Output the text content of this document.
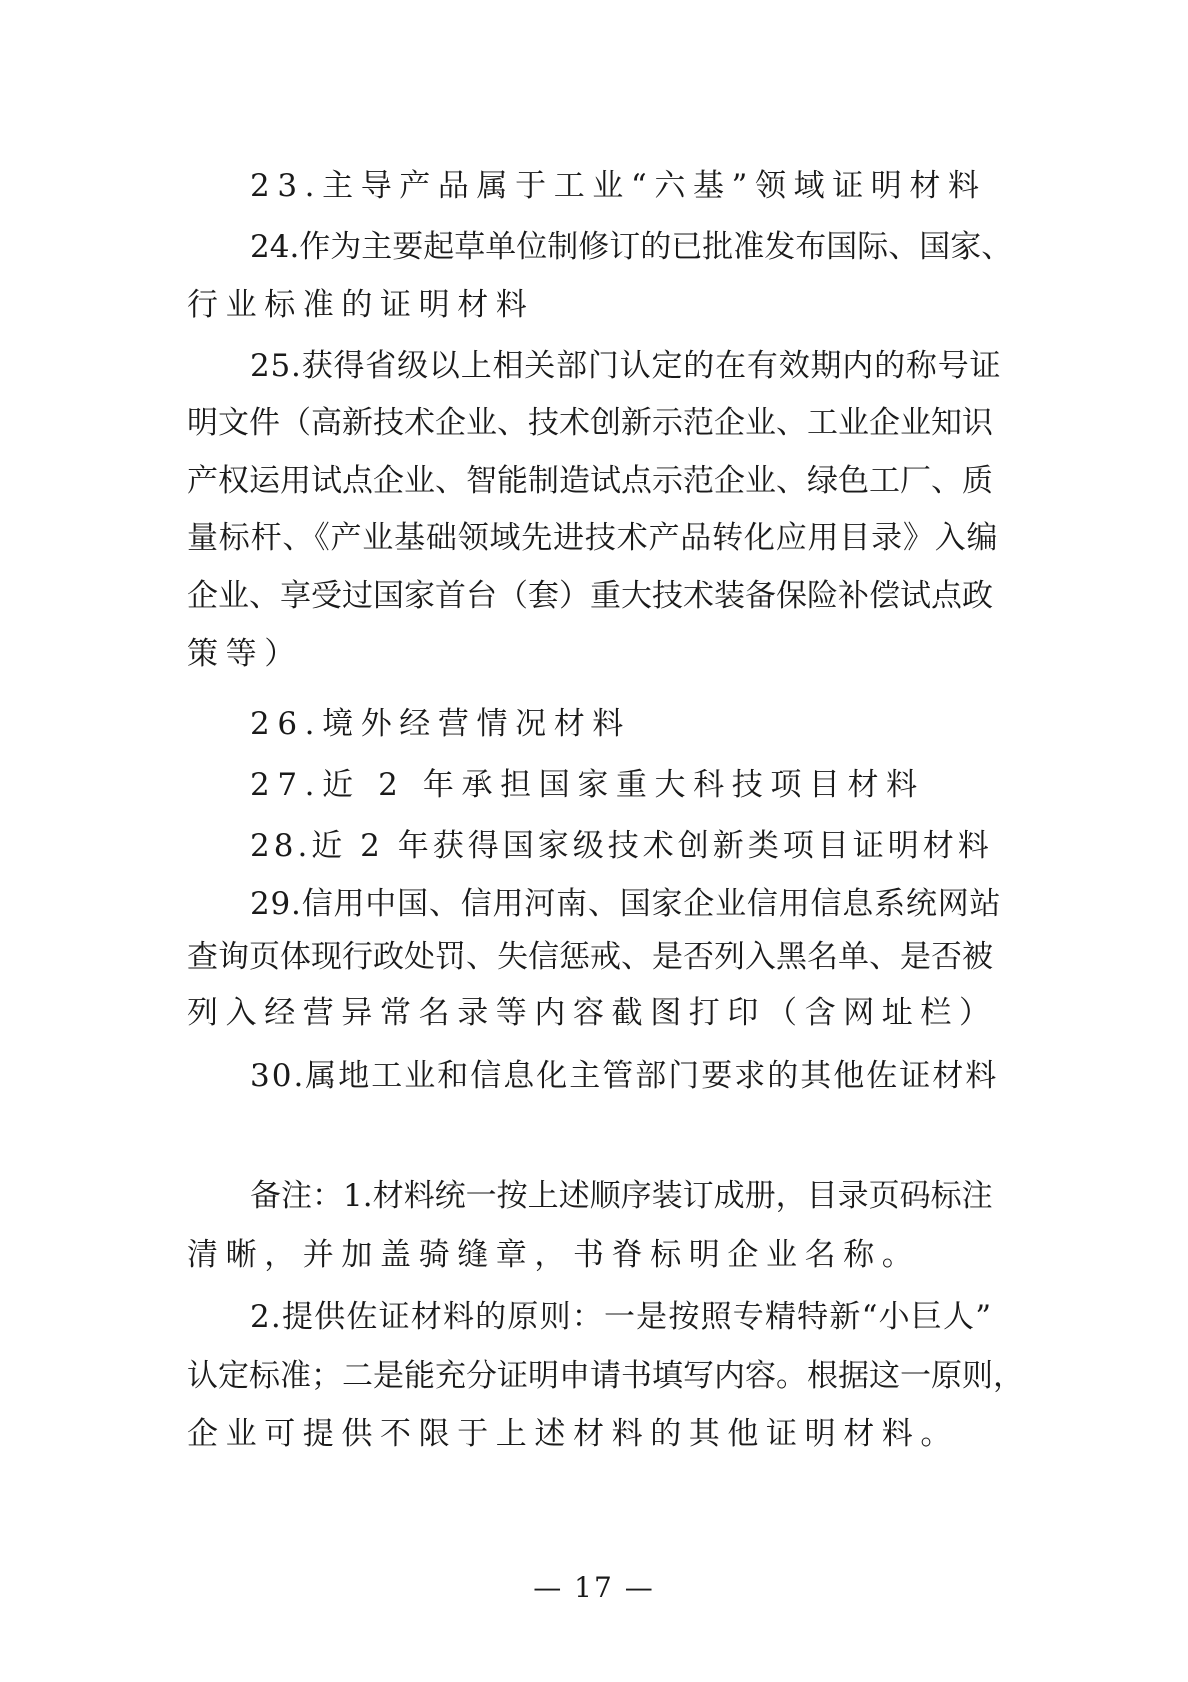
23.主导产品属于工业“六基”领域证明材料
24.作为主要起草单位制修订的已批准发布国际、国家、
行业标准的证明材料
25.获得省级以上相关部门认定的在有效期内的称号证
明文件（高新技术企业、技术创新示范企业、工业企业知识
产权运用试点企业、智能制造试点示范企业、绿色工厂、质
量标杆、《产业基础领域先进技术产品转化应用目录》入编
企业、享受过国家首台（套）重大技术装备保险补偿试点政
策等）
26.境外经营情况材料
27.近 2 年承担国家重大科技项目材料
28.近 2 年获得国家级技术创新类项目证明材料
29.信用中国、信用河南、国家企业信用信息系统网站
查询页体现行政处罚、失信惩戒、是否列入黑名单、是否被
列入经营异常名录等内容截图打印（含网址栏）
30.属地工业和信息化主管部门要求的其他佐证材料
备注：1.材料统一按上述顺序装订成册，目录页码标注
清晰，并加盖骑缝章，书脊标明企业名称。
2.提供佐证材料的原则：一是按照专精特新“小巨人”
认定标准；二是能充分证明申请书填写内容。根据这一原则，
企业可提供不限于上述材料的其他证明材料。
— 17 —
